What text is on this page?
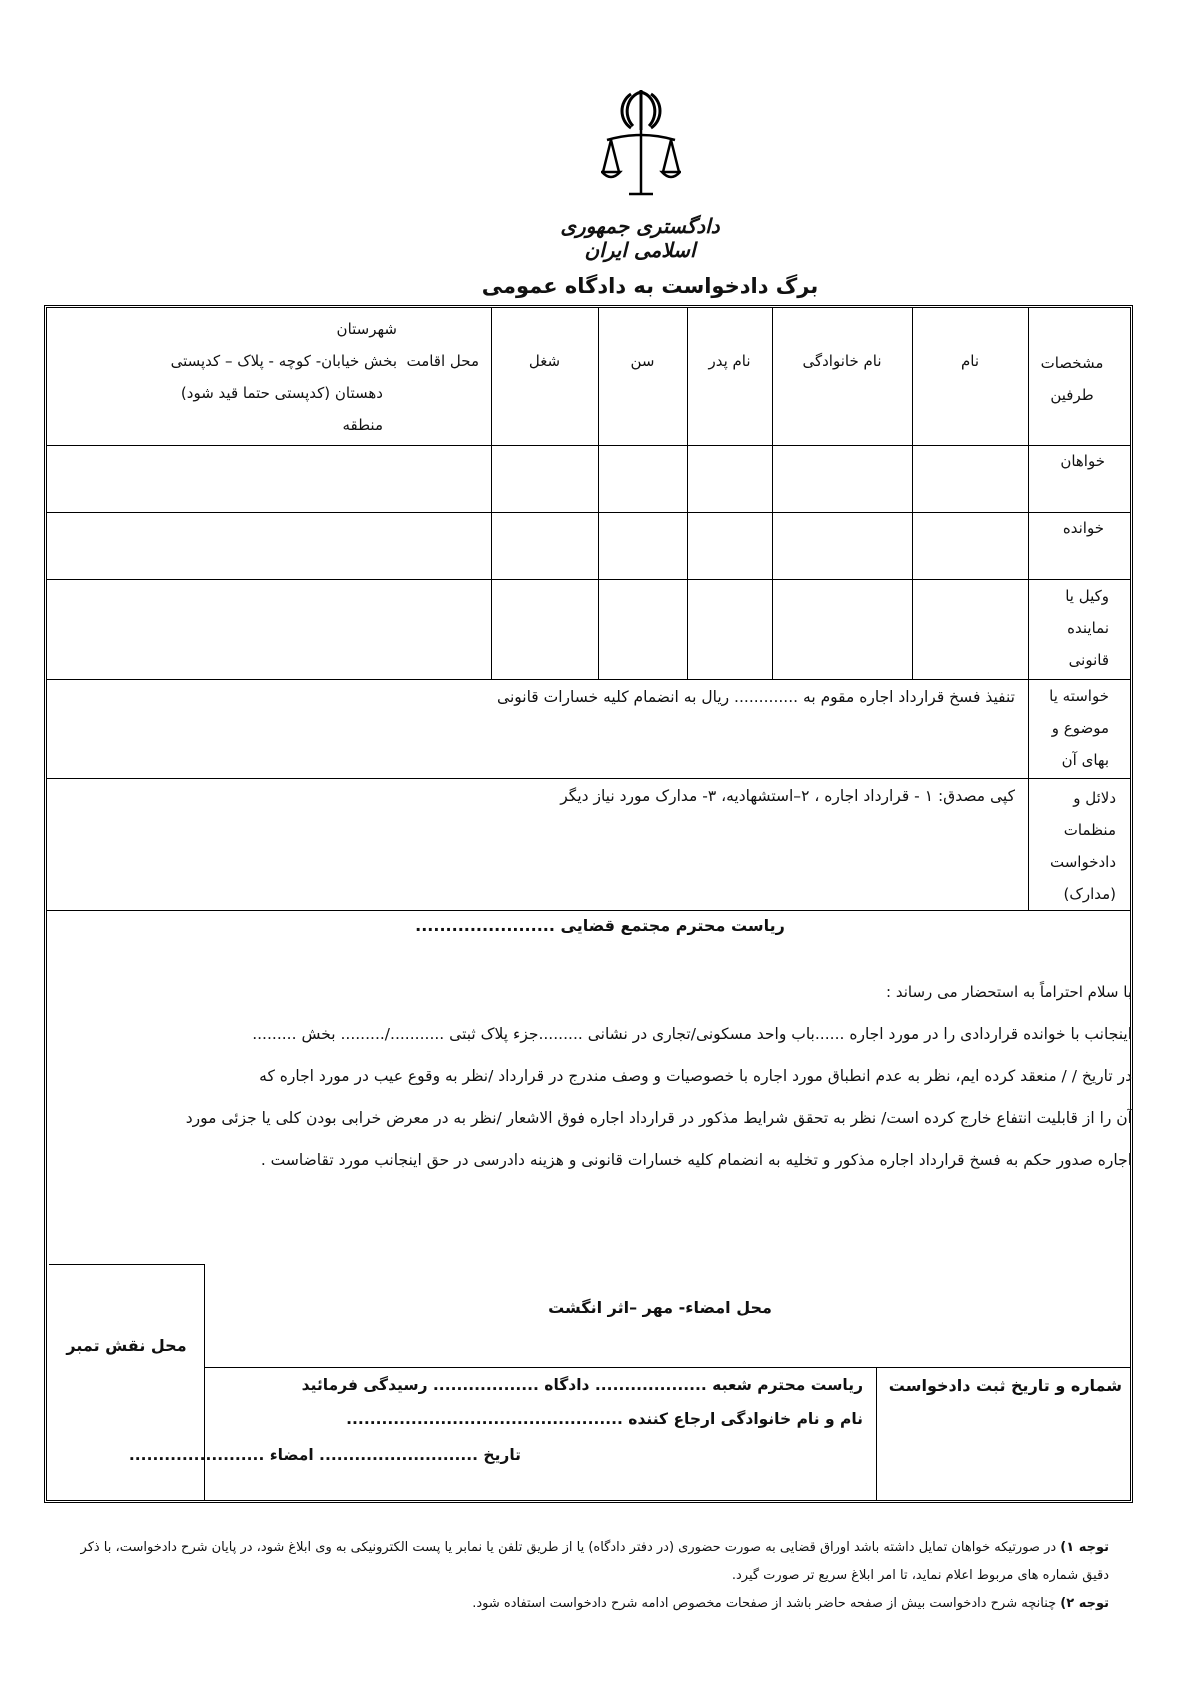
دادگستری جمهوری اسلامی ایران
برگ دادخواست به دادگاه عمومی
مشخصات طرفین
نام
نام خانوادگی
نام پدر
سن
شغل
محل اقامت
شهرستان
بخش خیابان- کوچه - پلاک – کدپستی
دهستان (کدپستی حتما قید شود)
منطقه
خواهان
خوانده
وکیل یا نماینده قانونی
خواسته یا موضوع و بهای آن
تنفیذ فسخ قرارداد اجاره مقوم به ............. ریال به انضمام کلیه خسارات قانونی
دلائل و منظمات دادخواست (مدارک)
کپی مصدق: ۱ - قرارداد اجاره ، ۲–استشهادیه، ۳- مدارک مورد نیاز دیگر
ریاست محترم مجتمع قضایی .......................
با سلام احتراماً به استحضار می رساند :
اینجانب با خوانده قراردادی را در مورد اجاره ......باب واحد مسکونی/تجاری در نشانی .........جزء پلاک ثبتی .........../......... بخش .........
در تاریخ / / منعقد کرده ایم، نظر به عدم انطباق مورد اجاره با خصوصیات و وصف مندرج در قرارداد /نظر به وقوع عیب در مورد اجاره که
آن را از قابلیت انتفاع خارج کرده است/ نظر به تحقق شرایط مذکور در قرارداد اجاره فوق الاشعار /نظر به در معرض خرابی بودن کلی یا جزئی مورد
اجاره صدور حکم به فسخ قرارداد اجاره مذکور و تخلیه به انضمام کلیه خسارات قانونی و هزینه دادرسی در حق اینجانب مورد تقاضاست .
محل امضاء- مهر –اثر انگشت
محل نقش تمبر
شماره و تاریخ ثبت دادخواست
ریاست محترم شعبه ................... دادگاه .................. رسیدگی فرمائید
نام و نام خانوادگی ارجاع کننده ...............................................
تاریخ ........................... امضاء .......................
توجه ۱) در صورتیکه خواهان تمایل داشته باشد اوراق قضایی به صورت حضوری (در دفتر دادگاه) یا از طریق تلفن یا نمابر یا پست الکترونیکی به وی ابلاغ شود، در پایان شرح دادخواست، با ذکر دقیق شماره های مربوط اعلام نماید، تا امر ابلاغ سریع تر صورت گیرد.
توجه ۲) چنانچه شرح دادخواست بیش از صفحه حاضر باشد از صفحات مخصوص ادامه شرح دادخواست استفاده شود.
